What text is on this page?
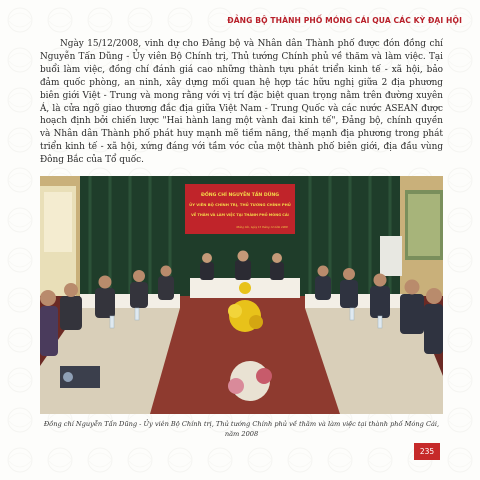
ĐẢNG BỘ THÀNH PHỐ MÓNG CÁI QUA CÁC KỲ ĐẠI HỘI

Ngày 15/12/2008, vinh dự cho Đảng bộ và Nhân dân Thành phố được đón đồng chí Nguyễn Tấn Dũng - Ủy viên Bộ Chính trị, Thủ tướng Chính phủ về thăm và làm việc. Tại buổi làm việc, đồng chí đánh giá cao những thành tựu phát triển kinh tế - xã hội, bảo đảm quốc phòng, an ninh, xây dựng mối quan hệ hợp tác hữu nghị giữa 2 địa phương biên giới Việt - Trung và mong rằng với vị trí đặc biệt quan trọng nằm trên đường xuyên Á, là cửa ngõ giao thương đắc địa giữa Việt Nam - Trung Quốc và các nước ASEAN được hoạch định bởi chiến lược "Hai hành lang một vành đai kinh tế", Đảng bộ, chính quyền và Nhân dân Thành phố phát huy mạnh mẽ tiềm năng, thế mạnh địa phương trong phát triển kinh tế - xã hội, xứng đáng với tầm vóc của một thành phố biên giới, địa đầu vùng Đông Bắc của Tổ quốc.

ĐỒNG CHÍ NGUYỄN TẤN DŨNG
ỦY VIÊN BỘ CHÍNH TRỊ, THỦ TƯỚNG CHÍNH PHỦ
VỀ THĂM VÀ LÀM VIỆC TẠI THÀNH PHỐ MÓNG CÁI
Móng Cái, ngày 15 tháng 12 năm 2008

Đồng chí Nguyễn Tấn Dũng - Ủy viên Bộ Chính trị, Thủ tướng Chính phủ về thăm và làm việc tại thành phố Móng Cái, năm 2008

235
